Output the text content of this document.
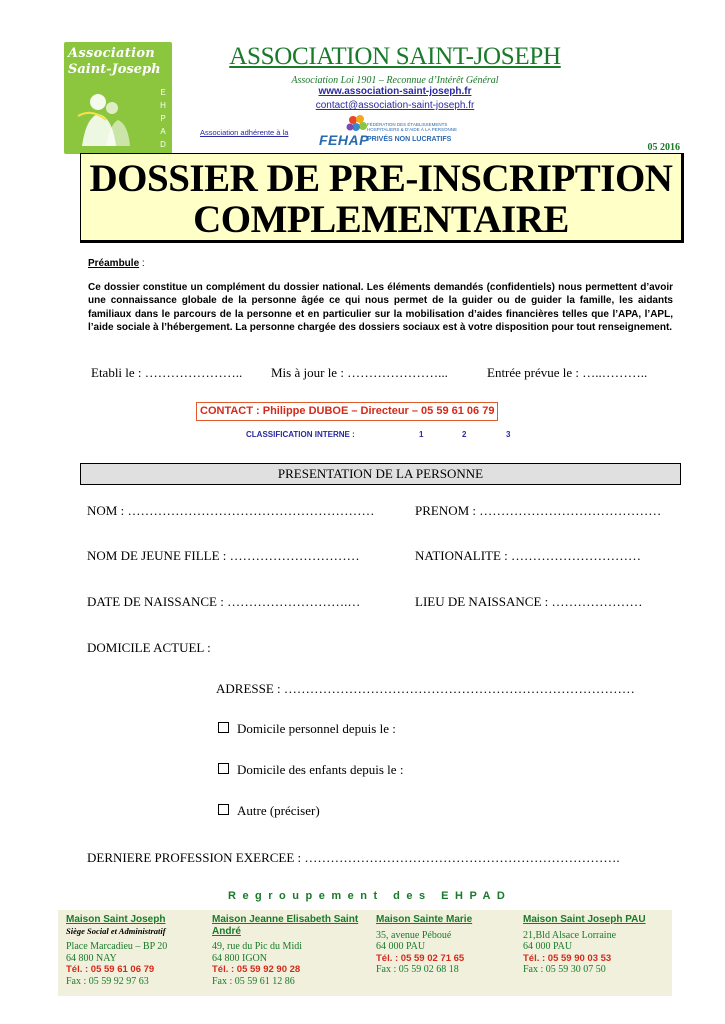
Association
Saint-Joseph
E
H
P
A
D
ASSOCIATION SAINT-JOSEPH
Association Loi 1901 – Reconnue d’Intérêt Général
www.association-saint-joseph.fr
contact@association-saint-joseph.fr
Association adhérente à la FEHAP
FÉDÉRATION DES ÉTABLISSEMENTS HOSPITALIERS & D’AIDE À LA PERSONNE
PRIVÉS NON LUCRATIFS
05 2016
DOSSIER DE PRE-INSCRIPTION
COMPLEMENTAIRE
Préambule :
Ce dossier constitue un complément du dossier national. Les éléments demandés (confidentiels) nous permettent d’avoir une connaissance globale de la personne âgée ce qui nous permet de la guider ou de guider la famille, les aidants familiaux dans le parcours de la personne et en particulier sur la mobilisation d’aides financières telles que l’APA, l’APL, l’aide sociale à l’hébergement. La personne chargée des dossiers sociaux est à votre disposition pour tout renseignement.
Etabli le : ………………….. Mis à jour le : …………………...	Entrée prévue le : …..………..
CONTACT : Philippe DUBOE – Directeur – 05 59 61 06 79
CLASSIFICATION INTERNE :	1	2	3
PRESENTATION DE LA PERSONNE
NOM : …………………………………………………	PRENOM : ……………………………………
NOM DE JEUNE FILLE : …………………………	NATIONALITE : …………………………
DATE DE NAISSANCE : ……………………….…	LIEU DE NAISSANCE : …………………
DOMICILE ACTUEL :
ADRESSE : ………………………………………………………………………
Domicile personnel depuis le :
Domicile des enfants depuis le :
Autre (préciser)
DERNIERE PROFESSION EXERCEE : ……………………………………………………………….
Regroupement des EHPAD
Maison Saint Joseph
Siège Social et Administratif
Place Marcadieu – BP 20
64 800 NAY
Tél. : 05 59 61 06 79
Fax : 05 59 92 97 63
Maison Jeanne Elisabeth Saint André
49, rue du Pic du Midi
64 800 IGON
Tél. : 05 59 92 90 28
Fax : 05 59 61 12 86
Maison Sainte Marie
35, avenue Péboué
64 000 PAU
Tél. : 05 59 02 71 65
Fax : 05 59 02 68 18
Maison Saint Joseph PAU
21,Bld Alsace Lorraine
64 000 PAU
Tél. : 05 59 90 03 53
Fax : 05 59 30 07 50
